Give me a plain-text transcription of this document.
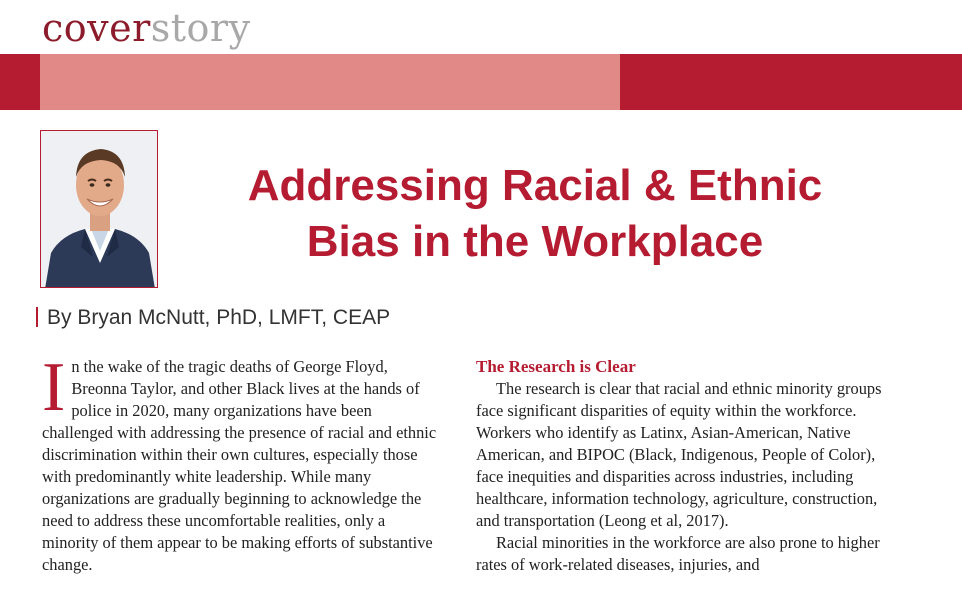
coverstory
Addressing Racial & Ethnic
Bias in the Workplace
By Bryan McNutt, PhD, LMFT, CEAP
I n the wake of the tragic deaths of George Floyd, Breonna Taylor, and other Black lives at the hands of police in 2020, many organizations have been challenged with addressing the presence of racial and ethnic discrimination within their own cultures, especially those with predominantly white leadership. While many organizations are gradually beginning to acknowledge the need to address these uncomfortable realities, only a minority of them appear to be making efforts of substantive change.

The Research is Clear

The research is clear that racial and ethnic minority groups face significant disparities of equity within the workforce. Workers who identify as Latinx, Asian-American, Native American, and BIPOC (Black, Indigenous, People of Color), face inequities and disparities across industries, including healthcare, information technology, agriculture, construction, and transportation (Leong et al, 2017).

Racial minorities in the workforce are also prone to higher rates of work-related diseases, injuries, and
